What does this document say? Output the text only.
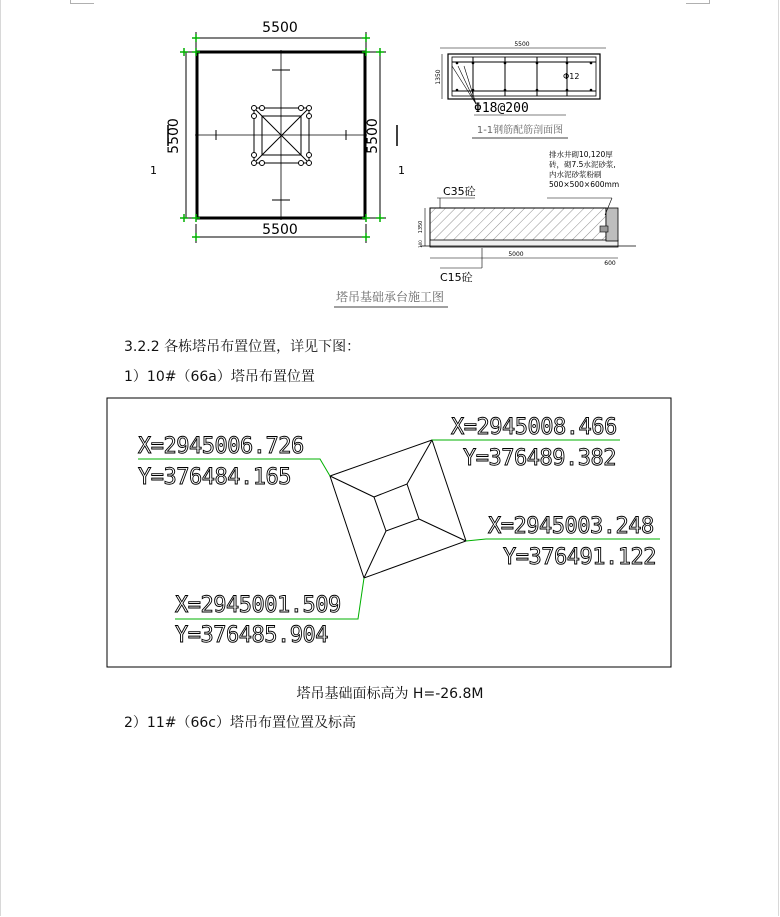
5500
5500
5500	5500
1	1
5500
1350	Φ12
Φ18@200
1-1钢筋配筋剖面图
C35砼
C15砼
1350
100
5000
600
排水井砌10,120厚
砖，砌7.5水泥砂浆,
内水泥砂浆粉刷
500×500×600mm
塔吊基础承台施工图
3.2.2 各栋塔吊布置位置，详见下图：
1）10#（66a）塔吊布置位置
X=2945006.726
Y=376484.165
X=2945008.466
Y=376489.382
X=2945003.248
Y=376491.122
X=2945001.509
Y=376485.904
塔吊基础面标高为 H=-26.8M
2）11#（66c）塔吊布置位置及标高
